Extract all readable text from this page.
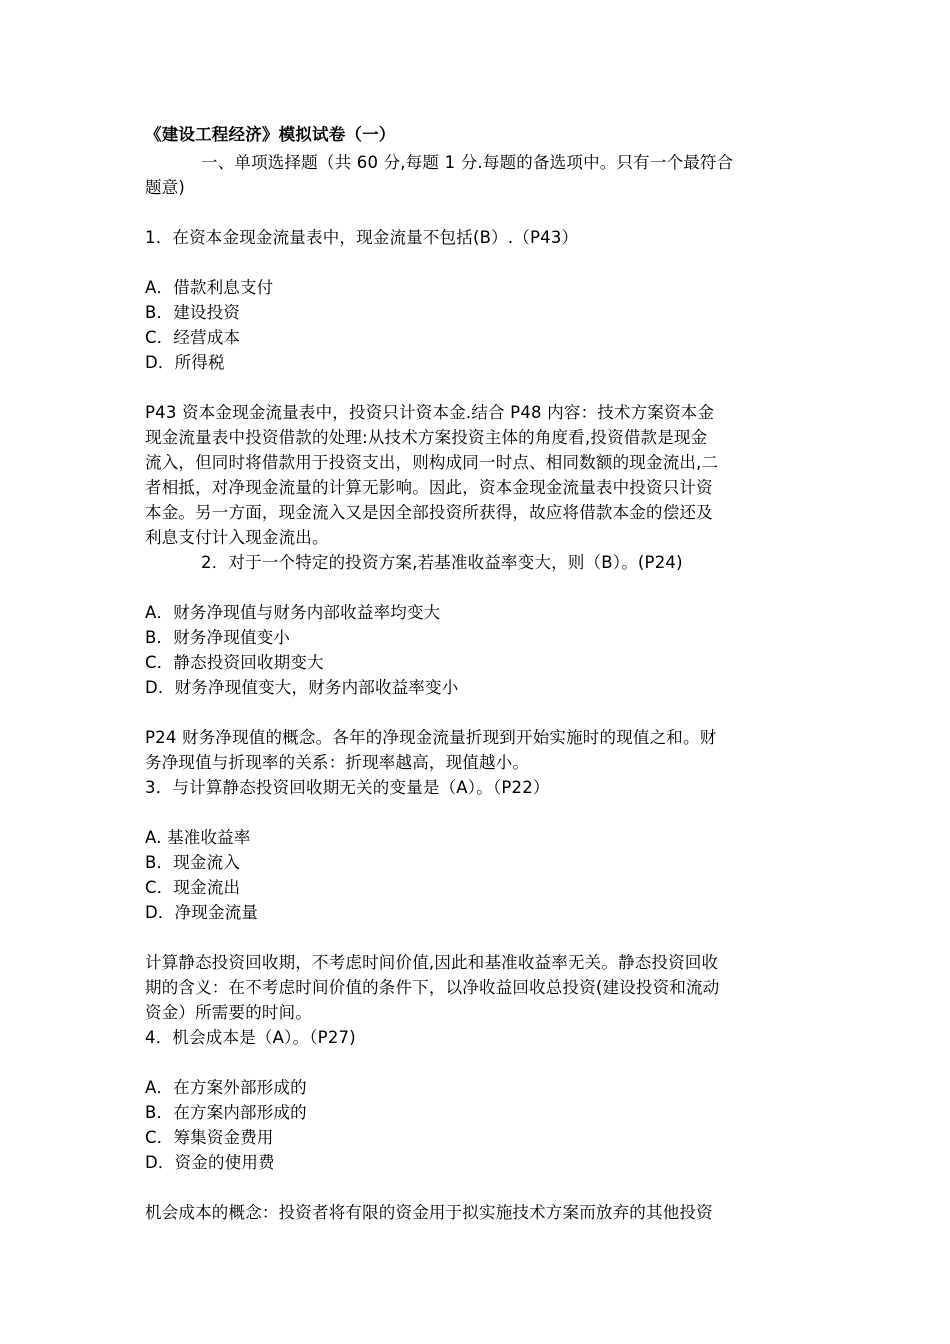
《建设工程经济》模拟试卷（一）
一、单项选择题（共 60 分,每题 1 分.每题的备选项中。只有一个最符合
题意)
1．在资本金现金流量表中，现金流量不包括(B）.（P43）
A．借款利息支付
B．建设投资
C．经营成本
D．所得税
P43 资本金现金流量表中，投资只计资本金.结合 P48 内容：技术方案资本金
现金流量表中投资借款的处理:从技术方案投资主体的角度看,投资借款是现金
流入，但同时将借款用于投资支出，则构成同一时点、相同数额的现金流出,二
者相抵，对净现金流量的计算无影响。因此，资本金现金流量表中投资只计资
本金。另一方面，现金流入又是因全部投资所获得，故应将借款本金的偿还及
利息支付计入现金流出。
2．对于一个特定的投资方案,若基准收益率变大，则（B）。(P24)
A．财务净现值与财务内部收益率均变大
B．财务净现值变小
C．静态投资回收期变大
D．财务净现值变大，财务内部收益率变小
P24 财务净现值的概念。各年的净现金流量折现到开始实施时的现值之和。财
务净现值与折现率的关系：折现率越高，现值越小。
3．与计算静态投资回收期无关的变量是（A）。（P22）
A. 基准收益率
B．现金流入
C．现金流出
D．净现金流量
计算静态投资回收期，不考虑时间价值,因此和基准收益率无关。静态投资回收
期的含义：在不考虑时间价值的条件下，以净收益回收总投资(建设投资和流动
资金）所需要的时间。
4．机会成本是（A）。（P27)
A．在方案外部形成的
B．在方案内部形成的
C．筹集资金费用
D．资金的使用费
机会成本的概念：投资者将有限的资金用于拟实施技术方案而放弃的其他投资
